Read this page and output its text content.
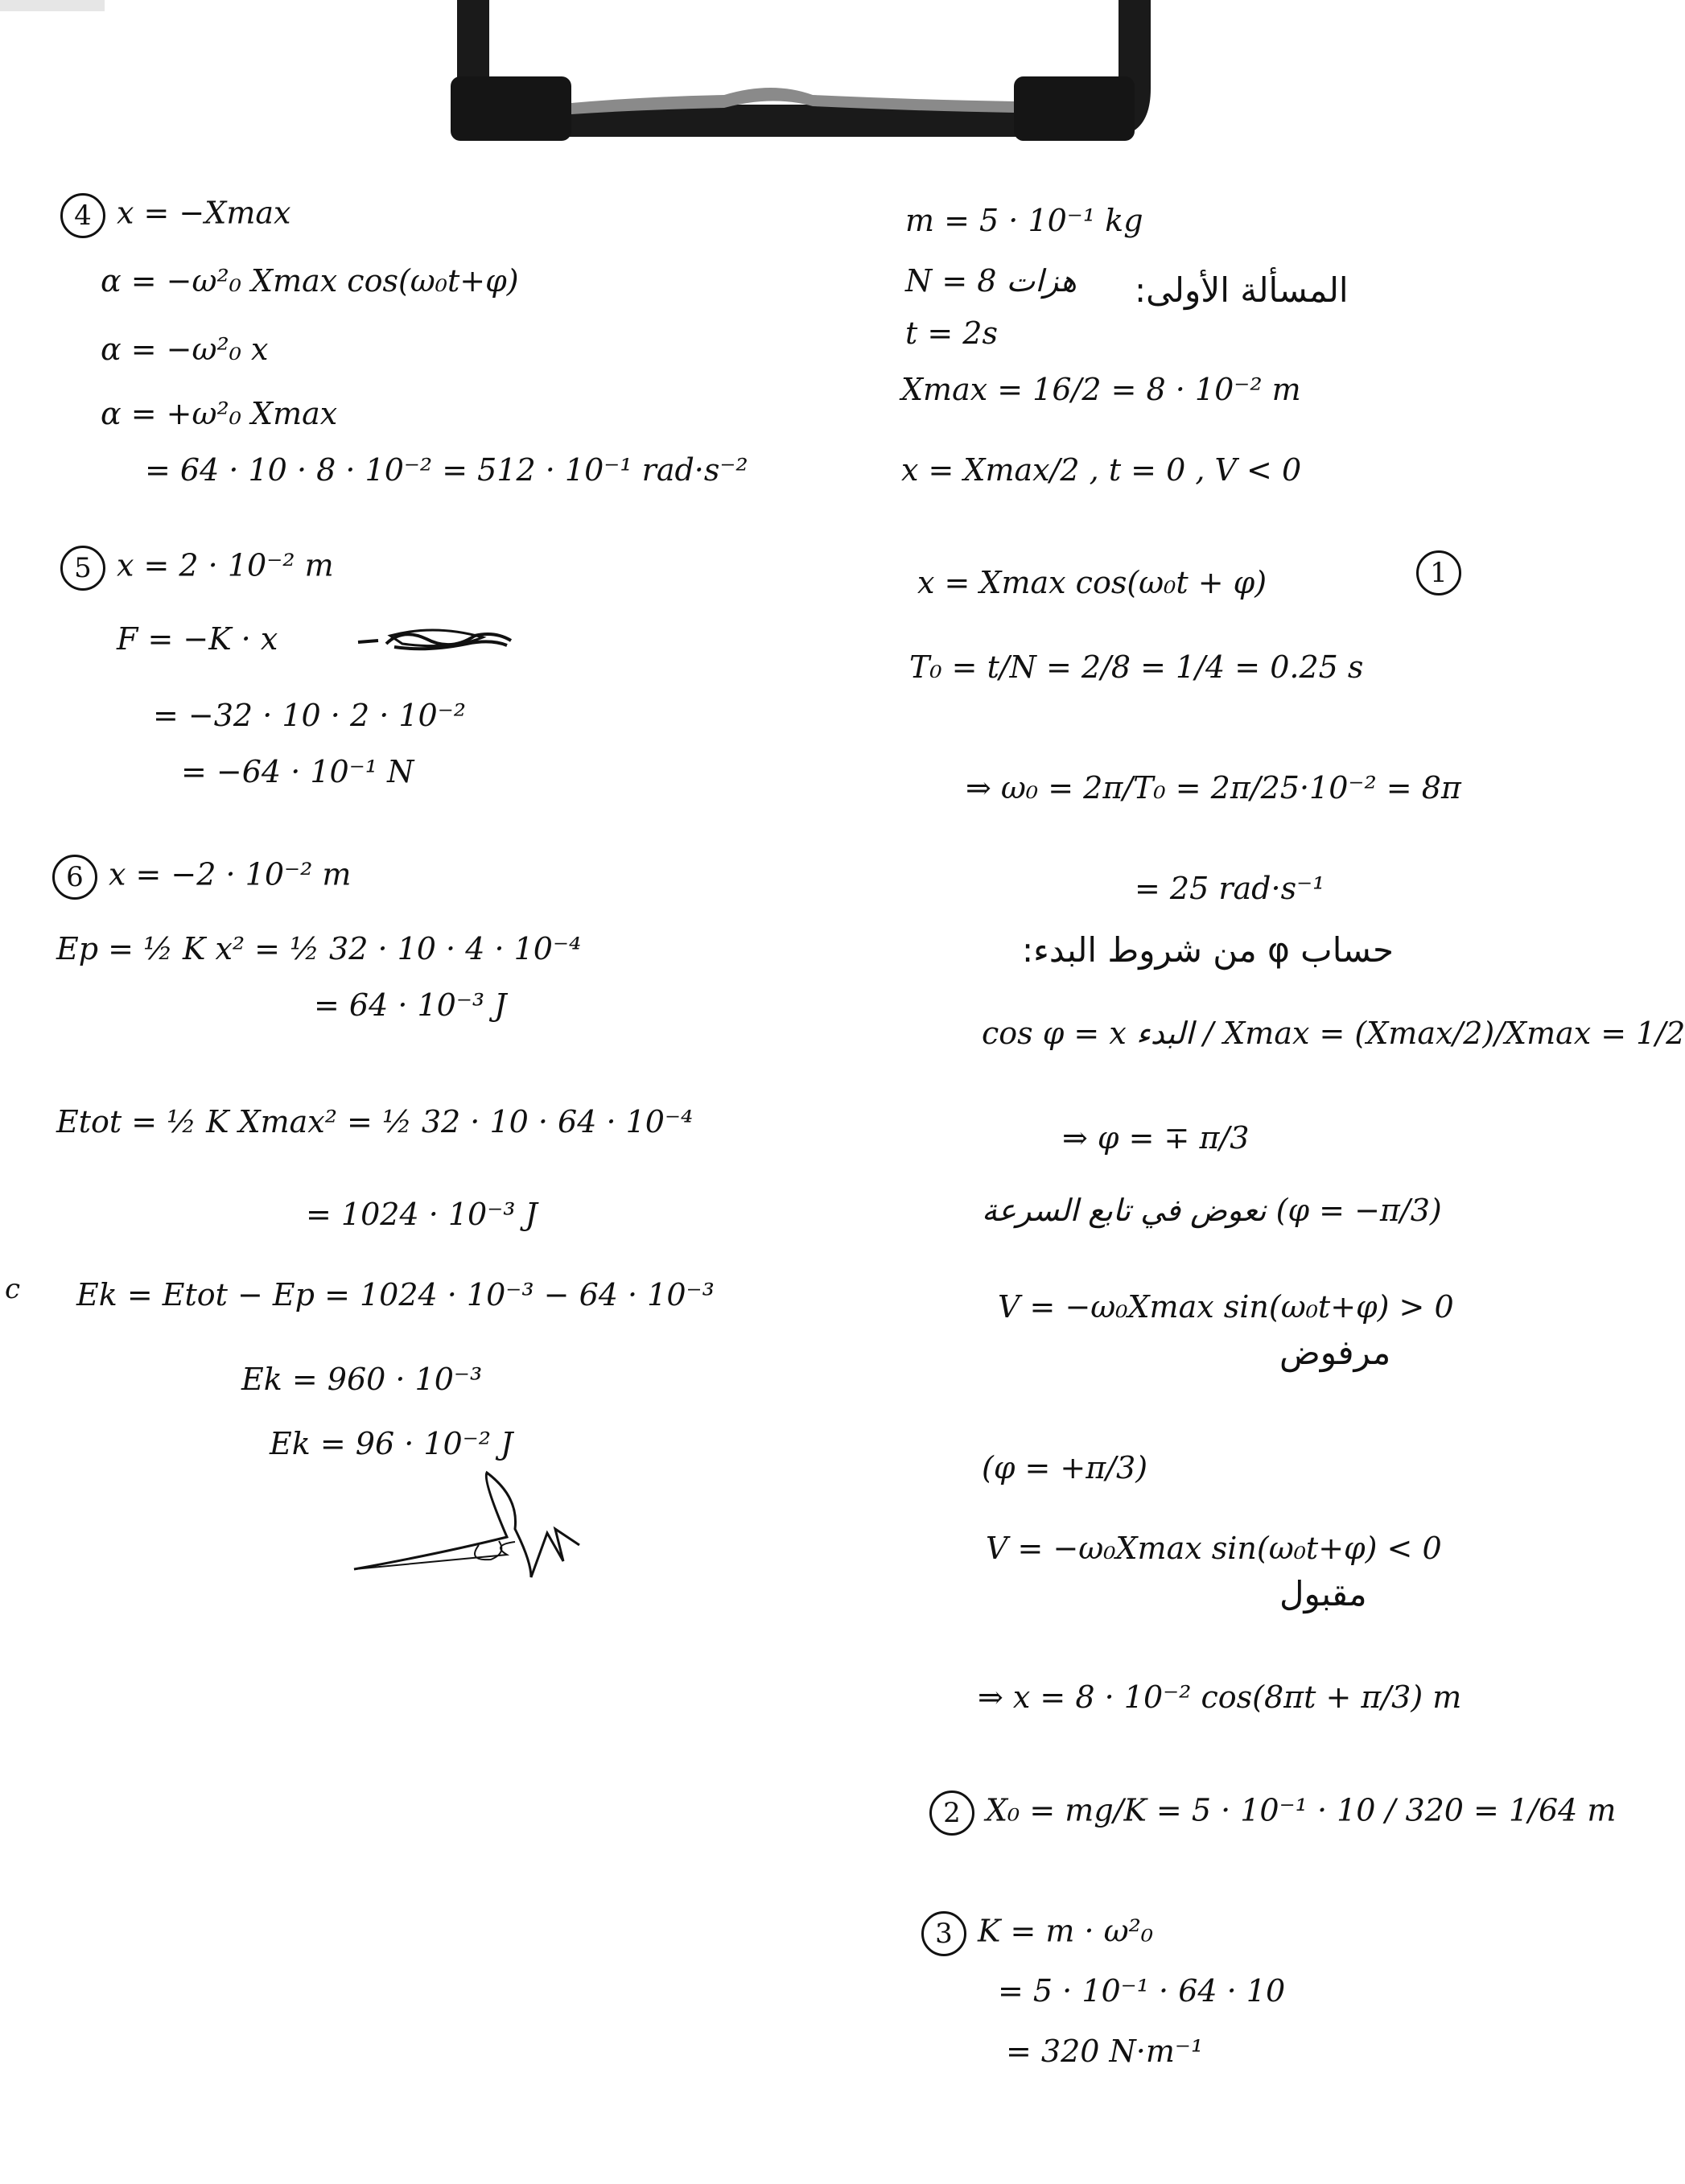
4 x = −Xmax
α = −ω²₀ Xmax cos(ω₀t+φ)
α = −ω²₀ x
α = +ω²₀ Xmax
= 64 · 10 · 8 · 10⁻² = 512 · 10⁻¹ rad·s⁻²
5 x = 2 · 10⁻² m
F = −K · x
= −32 · 10 · 2 · 10⁻²
= −64 · 10⁻¹ N
6 x = −2 · 10⁻² m
Ep = ½ K x² = ½ 32 · 10 · 4 · 10⁻⁴
= 64 · 10⁻³ J
Etot = ½ K Xmax² = ½ 32 · 10 · 64 · 10⁻⁴
= 1024 · 10⁻³ J
Ek = Etot − Ep = 1024 · 10⁻³ − 64 · 10⁻³
Ek = 960 · 10⁻³
Ek = 96 · 10⁻² J
c
m = 5 · 10⁻¹ kg
N = 8 هزات
t = 2s
Xmax = 16/2 = 8 · 10⁻² m
x = Xmax/2 , t = 0 , V < 0
المسألة الأولى:
x = Xmax cos(ω₀t + φ)	1
T₀ = t/N = 2/8 = 1/4 = 0.25 s
⇒ ω₀ = 2π/T₀ = 2π/25·10⁻² = 8π
= 25 rad·s⁻¹
حساب φ من شروط البدء:
cos φ = x البدء / Xmax = (Xmax/2)/Xmax = 1/2
⇒ φ = ∓ π/3
نعوض في تابع السرعة (φ = −π/3)
V = −ω₀Xmax sin(ω₀t+φ) > 0
مرفوض
(φ = +π/3)
V = −ω₀Xmax sin(ω₀t+φ) < 0
مقبول
⇒ x = 8 · 10⁻² cos(8πt + π/3) m
2 X₀ = mg/K = 5 · 10⁻¹ · 10 / 320 = 1/64 m
3 K = m · ω²₀
= 5 · 10⁻¹ · 64 · 10
= 320 N·m⁻¹
